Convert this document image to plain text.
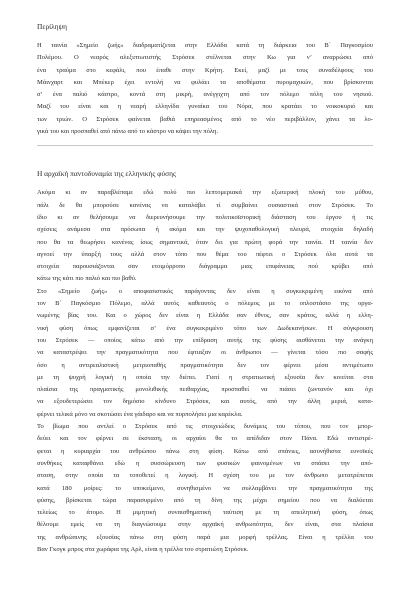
Περίληψη

Η ταινία «Σημείο ζωής» διαδραματίζεται στην Ελλάδα κατά τη διάρκεια του Β΄ Παγκοσμίου
Πολέμου. Ο νεαρός αλεξιπτωτιστής Στρόσεκ στέλνεται στην Κω για ν’ αναρρώσει από
ένα τραύμα στο κεφάλι, που έπαθε στην Κρήτη. Εκεί, μαζί με τους συναδέλφους του
Μάινχαρτ και Μπέκερ έχει εντολή να φυλάει τα αποθέματα πυρομαχικών, που βρίσκονται
σ’ ένα παλιό κάστρο, κοντά στη μικρή, ανέγγιχτη από τον πόλεμο πόλη του νησιού.
Μαζί του είναι και η νεαρή ελληνίδα γυναίκα του Νόρα, που κρατάει το νοικοκυριό και
των τριών. Ο Στρόσεκ φαίνεται βαθιά επηρεασμένος από το νέο περιβάλλον, χάνει τα λο-
γικά του και προσπαθεί από πάνω από το κάστρο να κάψει την πόλη.

Η αρχαϊκή παντοδυναμία της ελληνικής φύσης

Ακόμα κι αν παραβλέπαμε εδώ πολύ πιο λεπτομεριακά την εξωτερική πλοκή του μύθου,
πάλι δε θα μπορούσε κανένας να καταλάβει τί συμβαίνει ουσιαστικά στον Στρόσεκ. Το
ίδιο κι αν θελήσουμε να διερευνήσουμε την πολιτικοϊστορική διάσταση του έργου ή τις
σχέσεις ανάμεσα στα πρόσωπα ή ακόμα και την ψυχοπαθολογική πλευρά, στοιχεία δηλαδή
που θα τα θεωρήσει κανένας ίσως σημαντικά, όταν δει για πρώτη φορά την ταινία. Η ταινία δεν
αγνοεί την ύπαρξή τους αλλά στον τόπο που θέμα του πέφτει ο Στρόσεκ όλα αυτά τα
στοιχεία παρουσιάζονται σαν ετοιμόρροπο διάγραμμα μιας επιφάνειας πού κρύβει από
κάτω της κάτι πιο παλιό και πιο βαθύ.
Στο «Σημείο ζωής» ο αποφασιστικός παράγοντας δεν είναι η συγκεκριμένη εικόνα από
τον Β΄ Παγκόσμιο Πόλεμο, αλλά αυτός καθεαυτός ο πόλεμος με το οπλοστάσιο της οργα-
νωμένης βίας του. Και ο χώρος δεν είναι η Ελλάδα σαν έθνος, σαν κράτος, αλλά η ελλη-
νική φύση όπως εμφανίζεται σ’ ένα συγκεκριμένο τόπο των Δωδεκανήσων. Η σύγκρουση
του Στρόσεκ — οποίος κάτω από την επίδραση αυτής της φύσης αισθάνεται την ανάγκη
να καταστρέψει την πραγματικότητα που έφτιαξαν οι άνθρωποι — γίνεται τόσο πιο σαφής
όσο η αντιρεαλιστική μετριοπαθής πραγματικότητα δεν τον φέρνει μέσα αντιμέτωπο
με τη ψυχρή λογική η οποία την διέπει. Γιατί η στρατιωτική εξουσία δεν κινείται στα
πλαίσια της πραγματικής μονολιθικής πειθαρχίας, προσπαθεί να πιάσει ζωντανόν και όχι
να εξουδετερώσει τον δημόσιο κίνδυνο Στρόσεκ, και αυτός, από την άλλη μεριά, κατα-
φέρνει τελικά μόνο να σκοτώσει ένα γάιδαρο και να πυρπολήσει μια καρέκλα.
Το βίωμα που αντλεί ο Στρόσεκ από τις στοιχειώδεις δυνάμεις του τόπου, που τον μπορ-
δεύει και τον φέρνει σε έκσταση, οι αρχαίοι θα το απέδιδαν στον Πάνα. Εδώ αντιστρέ-
φεται η κυριαρχία του ανθρώπου πάνω στη φύση. Κάτω από σπάνιες, ασυνήθιστα ευνοϊκές
συνθήκες καταφθάνει εδώ η συσσώρευση των φυσικών φαινομένων να σπάσει την από-
σταση, στην οποία τα τοποθετεί η λογική. Η σχέση του με τον άνθρωπο μετατρέπεται
κατά 180 μοίρες: το υποκείμενο, συνηθισμένο να συλλαμβάνει την πραγματικότητα της
φύσης, βρίσκεται τώρα παρασυρμένο από τη δίνη της μέχρι σημείου που να διαλύεται
τελείως το άτομο. Η μιμητική συναισθηματική ταύτιση με τη απειλητική φύση, όπως
θέλουμε εμείς να τη διαγνώσουμε στην αρχαϊκή ανθρωπότητα, δεν είναι, στα πλαίσια
της ανθρώπινης εξουσίας πάνω στη φύση παρά μια μορφή τρέλλας. Είναι η τρέλλα του
Βαν Γκογκ μπρος στα χωράφια της Αρλ, είναι η τρέλλα του στρατιώτη Στρόσεκ.
